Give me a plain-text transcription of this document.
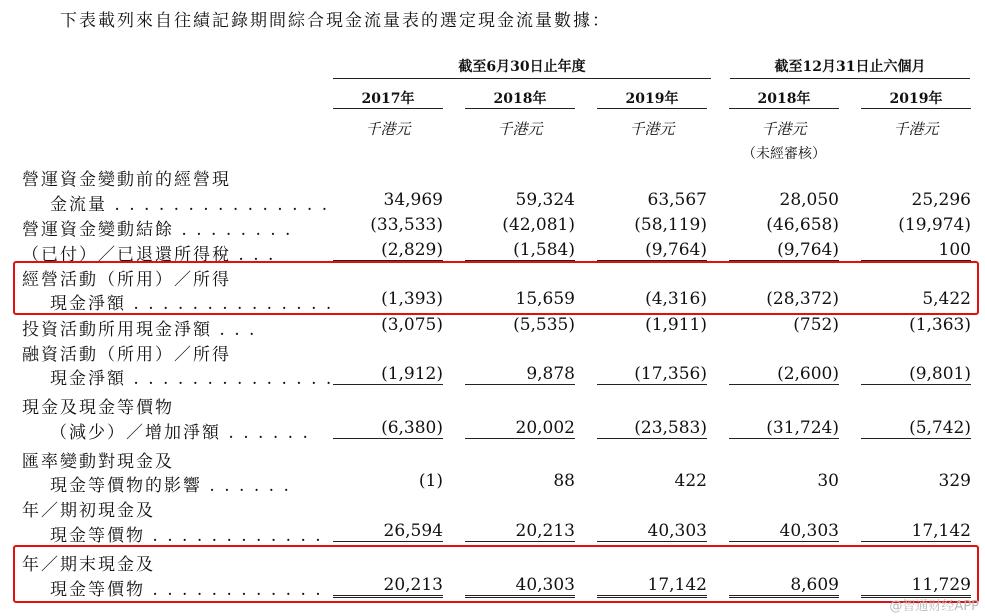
下表載列來自往績記錄期間綜合現金流量表的選定現金流量數據：
截至6月30日止年度	截至12月31日止六個月
2017年	2018年	2019年	2018年	2019年
千港元	千港元	千港元	千港元	千港元
（未經審核）
營運資金變動前的經營現
金流量 . . . . . . . . . . . . . . .	34,969	59,324	63,567	28,050	25,296
營運資金變動結餘 . . . . . . . .	(33,533)	(42,081)	(58,119)	(46,658)	(19,974)
（已付）／已退還所得稅 . . .	(2,829)	(1,584)	(9,764)	(9,764)	100
經營活動（所用）／所得
現金淨額 . . . . . . . . . . . . . .	(1,393)	15,659	(4,316)	(28,372)	5,422
投資活動所用現金淨額 . . .	(3,075)	(5,535)	(1,911)	(752)	(1,363)
融資活動（所用）／所得
現金淨額 . . . . . . . . . . . . . .	(1,912)	9,878	(17,356)	(2,600)	(9,801)
現金及現金等價物
（減少）／增加淨額 . . . . . .	(6,380)	20,002	(23,583)	(31,724)	(5,742)
匯率變動對現金及
現金等價物的影響 . . . . . .	(1)	88	422	30	329
年／期初現金及
現金等價物 . . . . . . . . . . . .	26,594	20,213	40,303	40,303	17,142
年／期末現金及
現金等價物 . . . . . . . . . . . .	20,213	40,303	17,142	8,609	11,729
@智通财经APP
